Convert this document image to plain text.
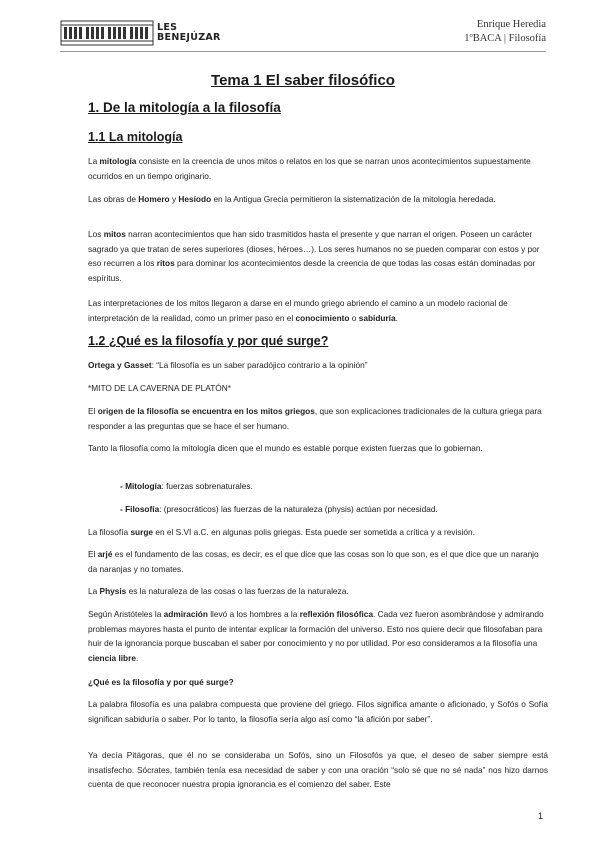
LES
BENEJÚZAR
Enrique Heredia
1ºBACA | Filosofía
Tema 1 El saber filosófico
1. De la mitología a la filosofía
1.1 La mitología
La mitología consiste en la creencia de unos mitos o relatos en los que se narran unos acontecimientos supuestamente ocurridos en un tiempo originario.
Las obras de Homero y Hesíodo en la Antigua Grecia permitieron la sistematización de la mitología heredada.
Los mitos narran acontecimientos que han sido trasmitidos hasta el presente y que narran el origen. Poseen un carácter sagrado ya que tratan de seres superiores (dioses, héroes…). Los seres humanos no se pueden comparar con estos y por eso recurren a los ritos para dominar los acontecimientos desde la creencia de que todas las cosas están dominadas por espíritus.
Las interpretaciones de los mitos llegaron a darse en el mundo griego abriendo el camino a un modelo racional de interpretación de la realidad, como un primer paso en el conocimiento o sabiduría.
1.2 ¿Qué es la filosofía y por qué surge?
Ortega y Gasset: “La filosofía es un saber paradójico contrario a la opinión”
*MITO DE LA CAVERNA DE PLATÓN*
El origen de la filosofía se encuentra en los mitos griegos, que son explicaciones tradicionales de la cultura griega para responder a las preguntas que se hace el ser humano.
Tanto la filosofía como la mitología dicen que el mundo es estable porque existen fuerzas que lo gobiernan.
- Mitología: fuerzas sobrenaturales.
- Filosofía: (presocráticos) las fuerzas de la naturaleza (physis) actúan por necesidad.
La filosofía surge en el S.VI a.C. en algunas polis griegas. Esta puede ser sometida a crítica y a revisión.
El arjé es el fundamento de las cosas, es decir, es el que dice que las cosas son lo que son, es el que dice que un naranjo da naranjas y no tomates.
La Physis es la naturaleza de las cosas o las fuerzas de la naturaleza.
Según Aristóteles la admiración llevó a los hombres a la reflexión filosófica. Cada vez fueron asombrándose y admirando problemas mayores hasta el punto de intentar explicar la formación del universo. Esto nos quiere decir que filosofaban para huir de la ignorancia porque buscaban el saber por conocimiento y no por utilidad. Por eso consideramos a la filosofía una ciencia libre.
¿Qué es la filosofía y por qué surge?
La palabra filosofía es una palabra compuesta que proviene del griego. Filos significa amante o aficionado, y Sofós o Sofía significan sabiduría o saber. Por lo tanto, la filosofía sería algo así como “la afición por saber”.
Ya decía Pitágoras, que él no se consideraba un Sofós, sino un Filosofós ya que, el deseo de saber siempre está insatisfecho. Sócrates, también tenía esa necesidad de saber y con una oración “solo sé que no sé nada” nos hizo darnos cuenta de que reconocer nuestra propia ignorancia es el comienzo del saber. Este
1
